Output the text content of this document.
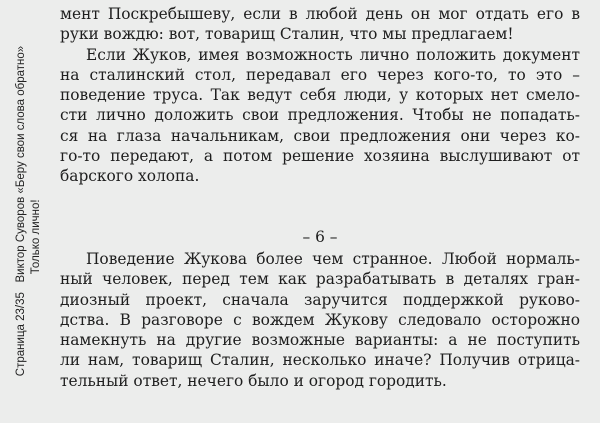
Страница 23/35   Виктор Суворов «Беру свои слова обратно» Только лично!
мент Поскребышеву, если в любой день он мог отдать его в
руки вождю: вот, товарищ Сталин, что мы предлагаем!
Если Жуков, имея возможность лично положить документ
на сталинский стол, передавал его через кого-то, то это –
поведение труса. Так ведут себя люди, у которых нет смело-
сти лично доложить свои предложения. Чтобы не попадать-
ся на глаза начальникам, свои предложения они через ко-
го-то передают, а потом решение хозяина выслушивают от
барского холопа.
– 6 –
Поведение Жукова более чем странное. Любой нормаль-
ный человек, перед тем как разрабатывать в деталях гран-
диозный проект, сначала заручится поддержкой руково-
дства. В разговоре с вождем Жукову следовало осторожно
намекнуть на другие возможные варианты: а не поступить
ли нам, товарищ Сталин, несколько иначе? Получив отрица-
тельный ответ, нечего было и огород городить.
